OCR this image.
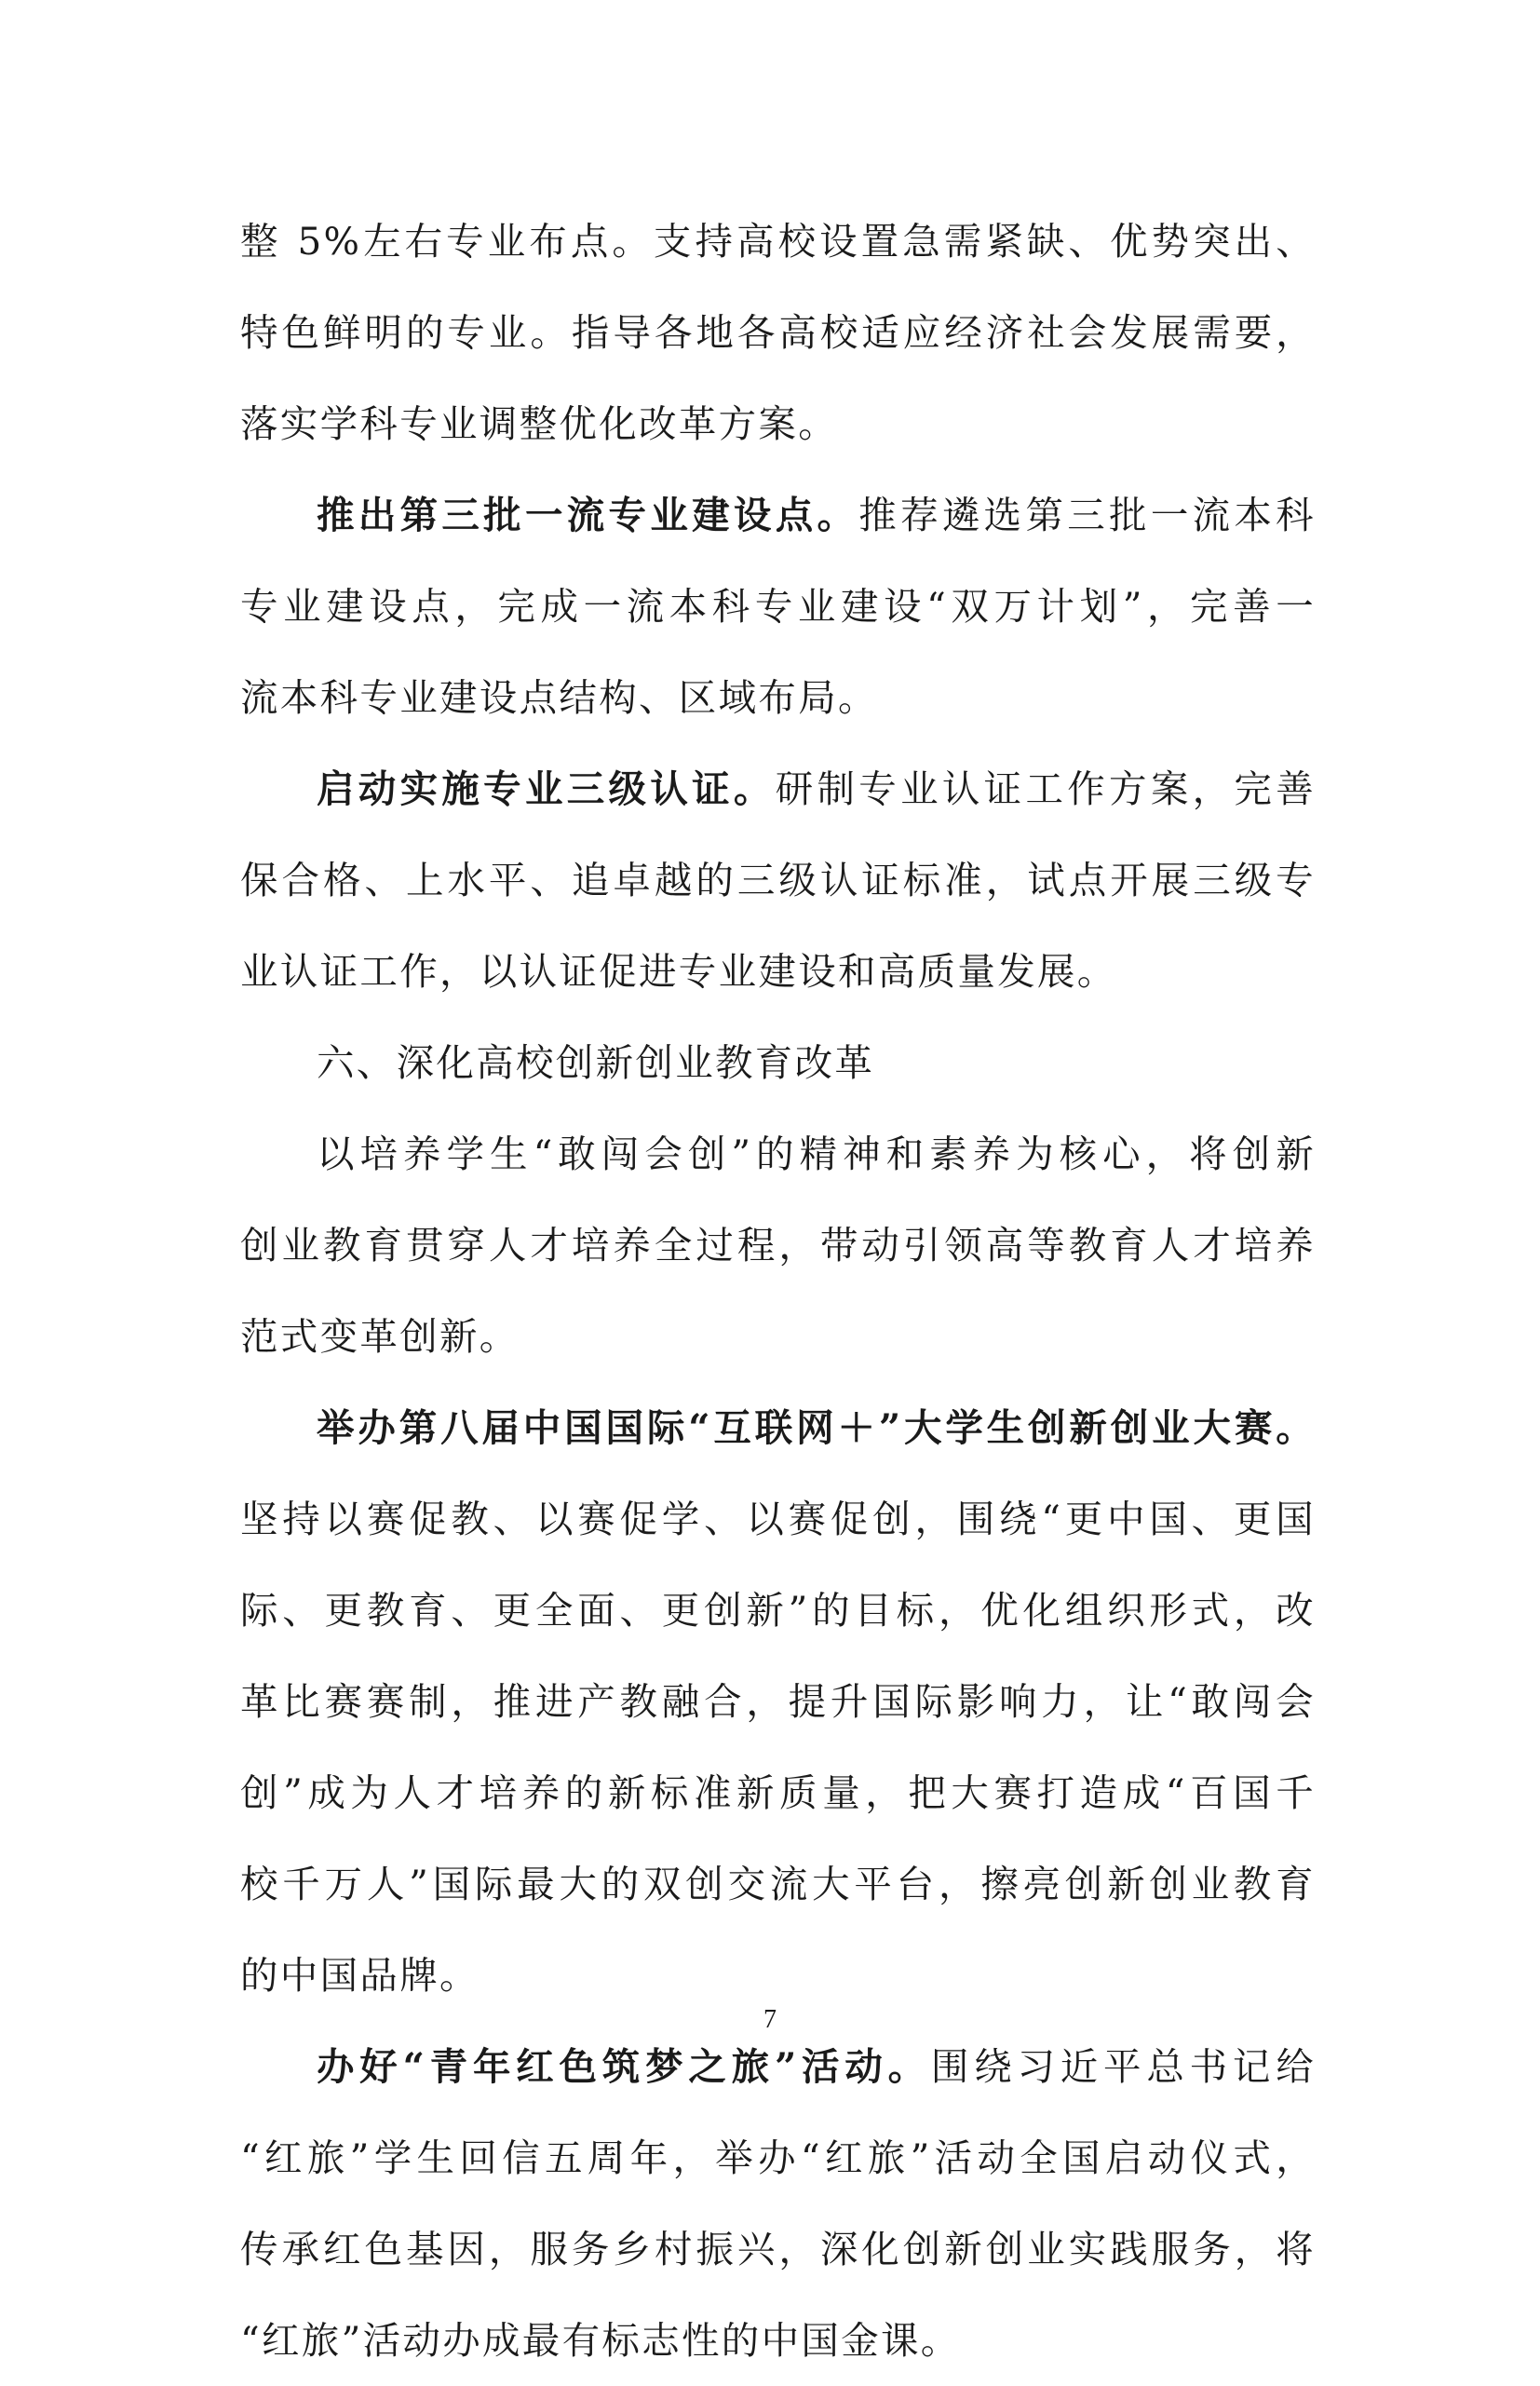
整 5%左右专业布点。支持高校设置急需紧缺、优势突出、
特色鲜明的专业。指导各地各高校适应经济社会发展需要，
落实学科专业调整优化改革方案。
推出第三批一流专业建设点。推荐遴选第三批一流本科
专业建设点，完成一流本科专业建设“双万计划”，完善一
流本科专业建设点结构、区域布局。
启动实施专业三级认证。研制专业认证工作方案，完善
保合格、上水平、追卓越的三级认证标准，试点开展三级专
业认证工作，以认证促进专业建设和高质量发展。
六、深化高校创新创业教育改革
以培养学生“敢闯会创”的精神和素养为核心，将创新
创业教育贯穿人才培养全过程，带动引领高等教育人才培养
范式变革创新。
举办第八届中国国际“互联网＋”大学生创新创业大赛。
坚持以赛促教、以赛促学、以赛促创，围绕“更中国、更国
际、更教育、更全面、更创新”的目标，优化组织形式，改
革比赛赛制，推进产教融合，提升国际影响力，让“敢闯会
创”成为人才培养的新标准新质量，把大赛打造成“百国千
校千万人”国际最大的双创交流大平台，擦亮创新创业教育
的中国品牌。
办好“青年红色筑梦之旅”活动。围绕习近平总书记给
“红旅”学生回信五周年，举办“红旅”活动全国启动仪式，
传承红色基因，服务乡村振兴，深化创新创业实践服务，将
“红旅”活动办成最有标志性的中国金课。
7
